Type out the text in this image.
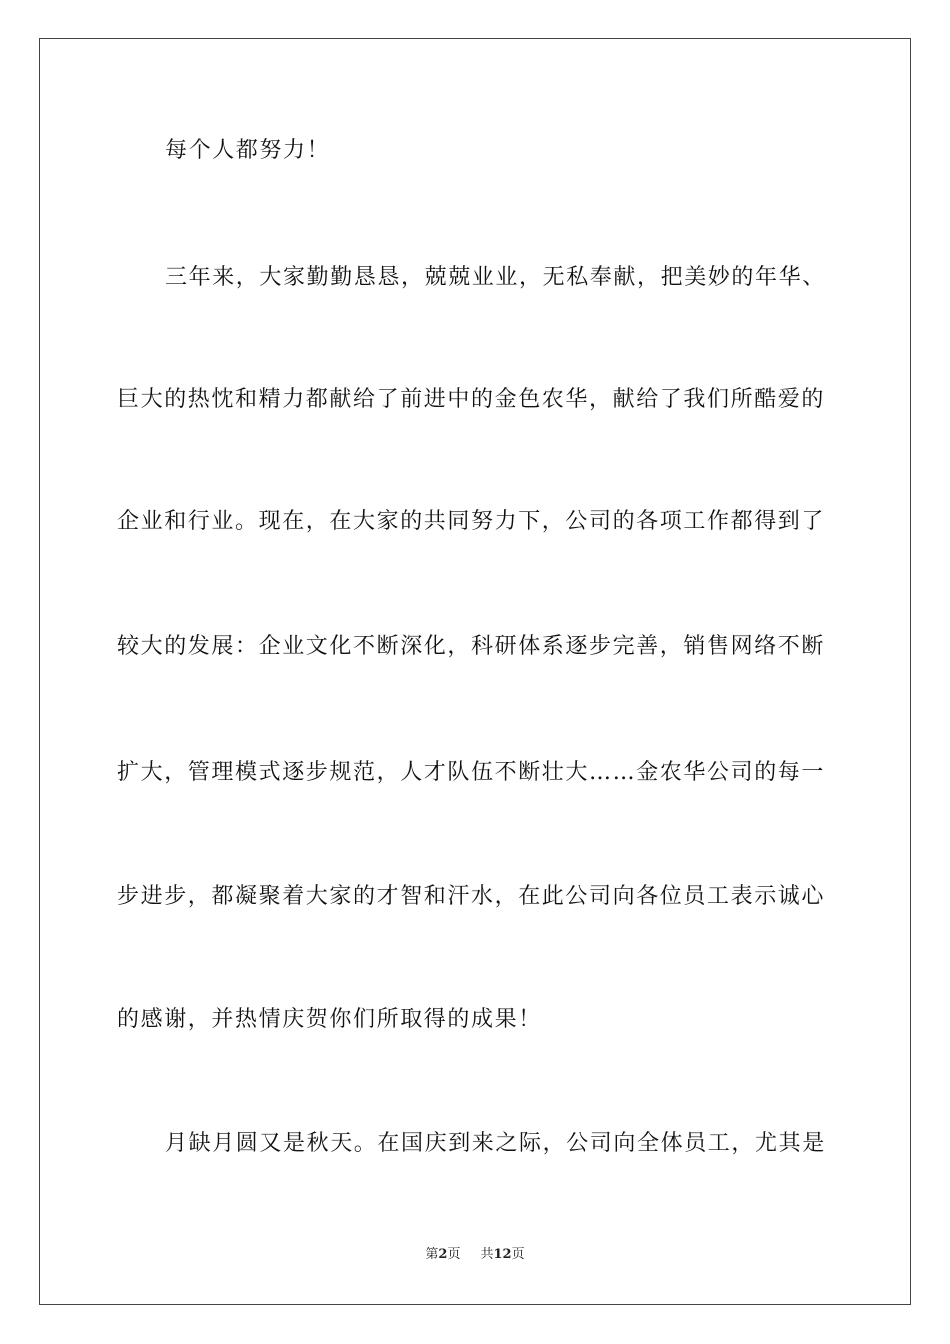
每个人都努力！
三年来，大家勤勤恳恳，兢兢业业，无私奉献，把美妙的年华、
巨大的热忱和精力都献给了前进中的金色农华，献给了我们所酷爱的
企业和行业。现在，在大家的共同努力下，公司的各项工作都得到了
较大的发展：企业文化不断深化，科研体系逐步完善，销售网络不断
扩大，管理模式逐步规范，人才队伍不断壮大……金农华公司的每一
步进步，都凝聚着大家的才智和汗水，在此公司向各位员工表示诚心
的感谢，并热情庆贺你们所取得的成果！
月缺月圆又是秋天。在国庆到来之际，公司向全体员工，尤其是
第2页 共12页
